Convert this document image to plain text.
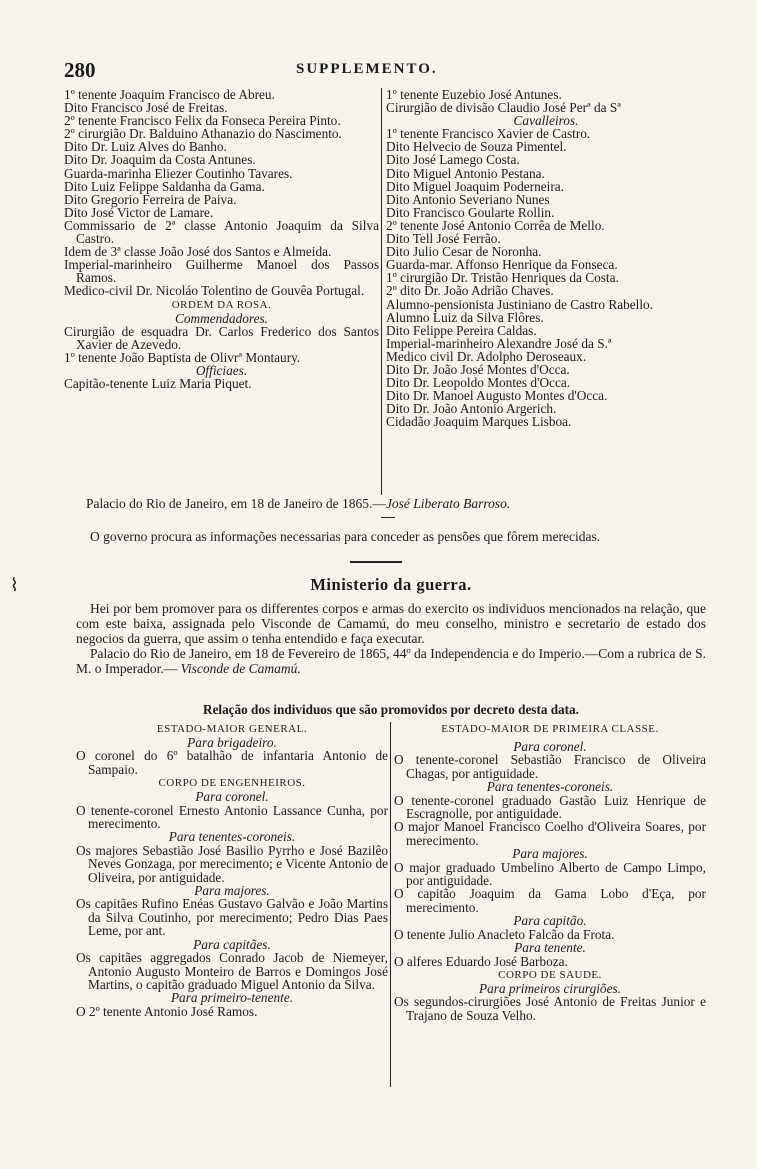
280	SUPPLEMENTO.

1º tenente Joaquim Francisco de Abreu.

Dito Francisco José de Freitas.

2º tenente Francisco Felix da Fonseca Pereira Pinto.

2º cirurgião Dr. Balduino Athanazio do Nascimento.

Dito Dr. Luiz Alves do Banho.

Dito Dr. Joaquim da Costa Antunes.

Guarda-marinha Eliezer Coutinho Tavares.

Dito Luiz Felippe Saldanha da Gama.

Dito Gregorio Ferreira de Paiva.

Dito José Victor de Lamare.

Commissario de 2ª classe Antonio Joaquim da Silva Castro.

Idem de 3ª classe João José dos Santos e Almeida.

Imperial-marinheiro Guilherme Manoel dos Passos Ramos.

Medico-civil Dr. Nicoláo Tolentino de Gouvêa Portugal.

ORDEM DA ROSA.

Commendadores.

Cirurgião de esquadra Dr. Carlos Frederico dos Santos Xavier de Azevedo.

1º tenente João Baptista de Olivrª Montaury.

Officiaes.

Capitão-tenente Luiz Maria Piquet.

1º tenente Euzebio José Antunes.

Cirurgião de divisão Claudio José Perª da Sª

Cavalleiros.

1º tenente Francisco Xavier de Castro.

Dito Helvecio de Souza Pimentel.

Dito José Lamego Costa.

Dito Miguel Antonio Pestana.

Dito Miguel Joaquim Poderneira.

Dito Antonio Severiano Nunes

Dito Francisco Goularte Rollin.

2º tenente José Antonio Corrêa de Mello.

Dito Tell José Ferrão.

Dito Julio Cesar de Noronha.

Guarda-mar. Affonso Henrique da Fonseca.

1º cirurgião Dr. Tristão Henriques da Costa.

2º dito Dr. João Adrião Chaves.

Alumno-pensionista Justiniano de Castro Rabello.

Alumno Luiz da Silva Flôres.

Dito Felippe Pereira Caldas.

Imperial-marinheiro Alexandre José da S.ª

Medico civil Dr. Adolpho Deroseaux.

Dito Dr. João José Montes d'Occa.

Dito Dr. Leopoldo Montes d'Occa.

Dito Dr. Manoel Augusto Montes d'Occa.

Dito Dr. João Antonio Argerich.

Cidadão Joaquim Marques Lisboa.

Palacio do Rio de Janeiro, em 18 de Janeiro de 1865.—José Liberato Barroso.
O governo procura as informações necessarias para conceder as pensões que fôrem merecidas.
⌇	Ministerio da guerra.

Hei por bem promover para os differentes corpos e armas do exercito os individuos mencionados na relação, que com este baixa, assignada pelo Visconde de Camamú, do meu conselho, ministro e secretario de estado dos negocios da guerra, que assim o tenha entendido e faça executar.

Palacio do Rio de Janeiro, em 18 de Fevereiro de 1865, 44º da Independencia e do Imperio.—Com a rubrica de S. M. o Imperador.— Visconde de Camamú.

Relação dos individuos que são promovidos por decreto desta data.

ESTADO-MAIOR GENERAL.

Para brigadeiro.

O coronel do 6º batalhão de infantaria Antonio de Sampaio.

CORPO DE ENGENHEIROS.

Para coronel.

O tenente-coronel Ernesto Antonio Lassance Cunha, por merecimento.

Para tenentes-coroneis.

Os majores Sebastião José Basilio Pyrrho e José Bazilêo Neves Gonzaga, por merecimento; e Vicente Antonio de Oliveira, por antiguidade.

Para majores.

Os capitães Rufino Enéas Gustavo Galvão e João Martins da Silva Coutinho, por merecimento; Pedro Dias Paes Leme, por ant.

Para capitães.

Os capitães aggregados Conrado Jacob de Niemeyer, Antonio Augusto Monteiro de Barros e Domingos José Martins, o capitão graduado Miguel Antonio da Silva.

Para primeiro-tenente.

O 2º tenente Antonio José Ramos.

ESTADO-MAIOR DE PRIMEIRA CLASSE.

Para coronel.

O tenente-coronel Sebastião Francisco de Oliveira Chagas, por antiguidade.

Para tenentes-coroneis.

O tenente-coronel graduado Gastão Luiz Henrique de Escragnolle, por antiguidade.

O major Manoel Francisco Coelho d'Oliveira Soares, por merecimento.

Para majores.

O major graduado Umbelino Alberto de Campo Limpo, por antiguidade.

O capitão Joaquim da Gama Lobo d'Eça, por merecimento.

Para capitão.

O tenente Julio Anacleto Falcão da Frota.

Para tenente.

O alferes Eduardo José Barboza.

CORPO DE SAUDE.

Para primeiros cirurgiões.

Os segundos-cirurgiões José Antonio de Freitas Junior e Trajano de Souza Velho.
